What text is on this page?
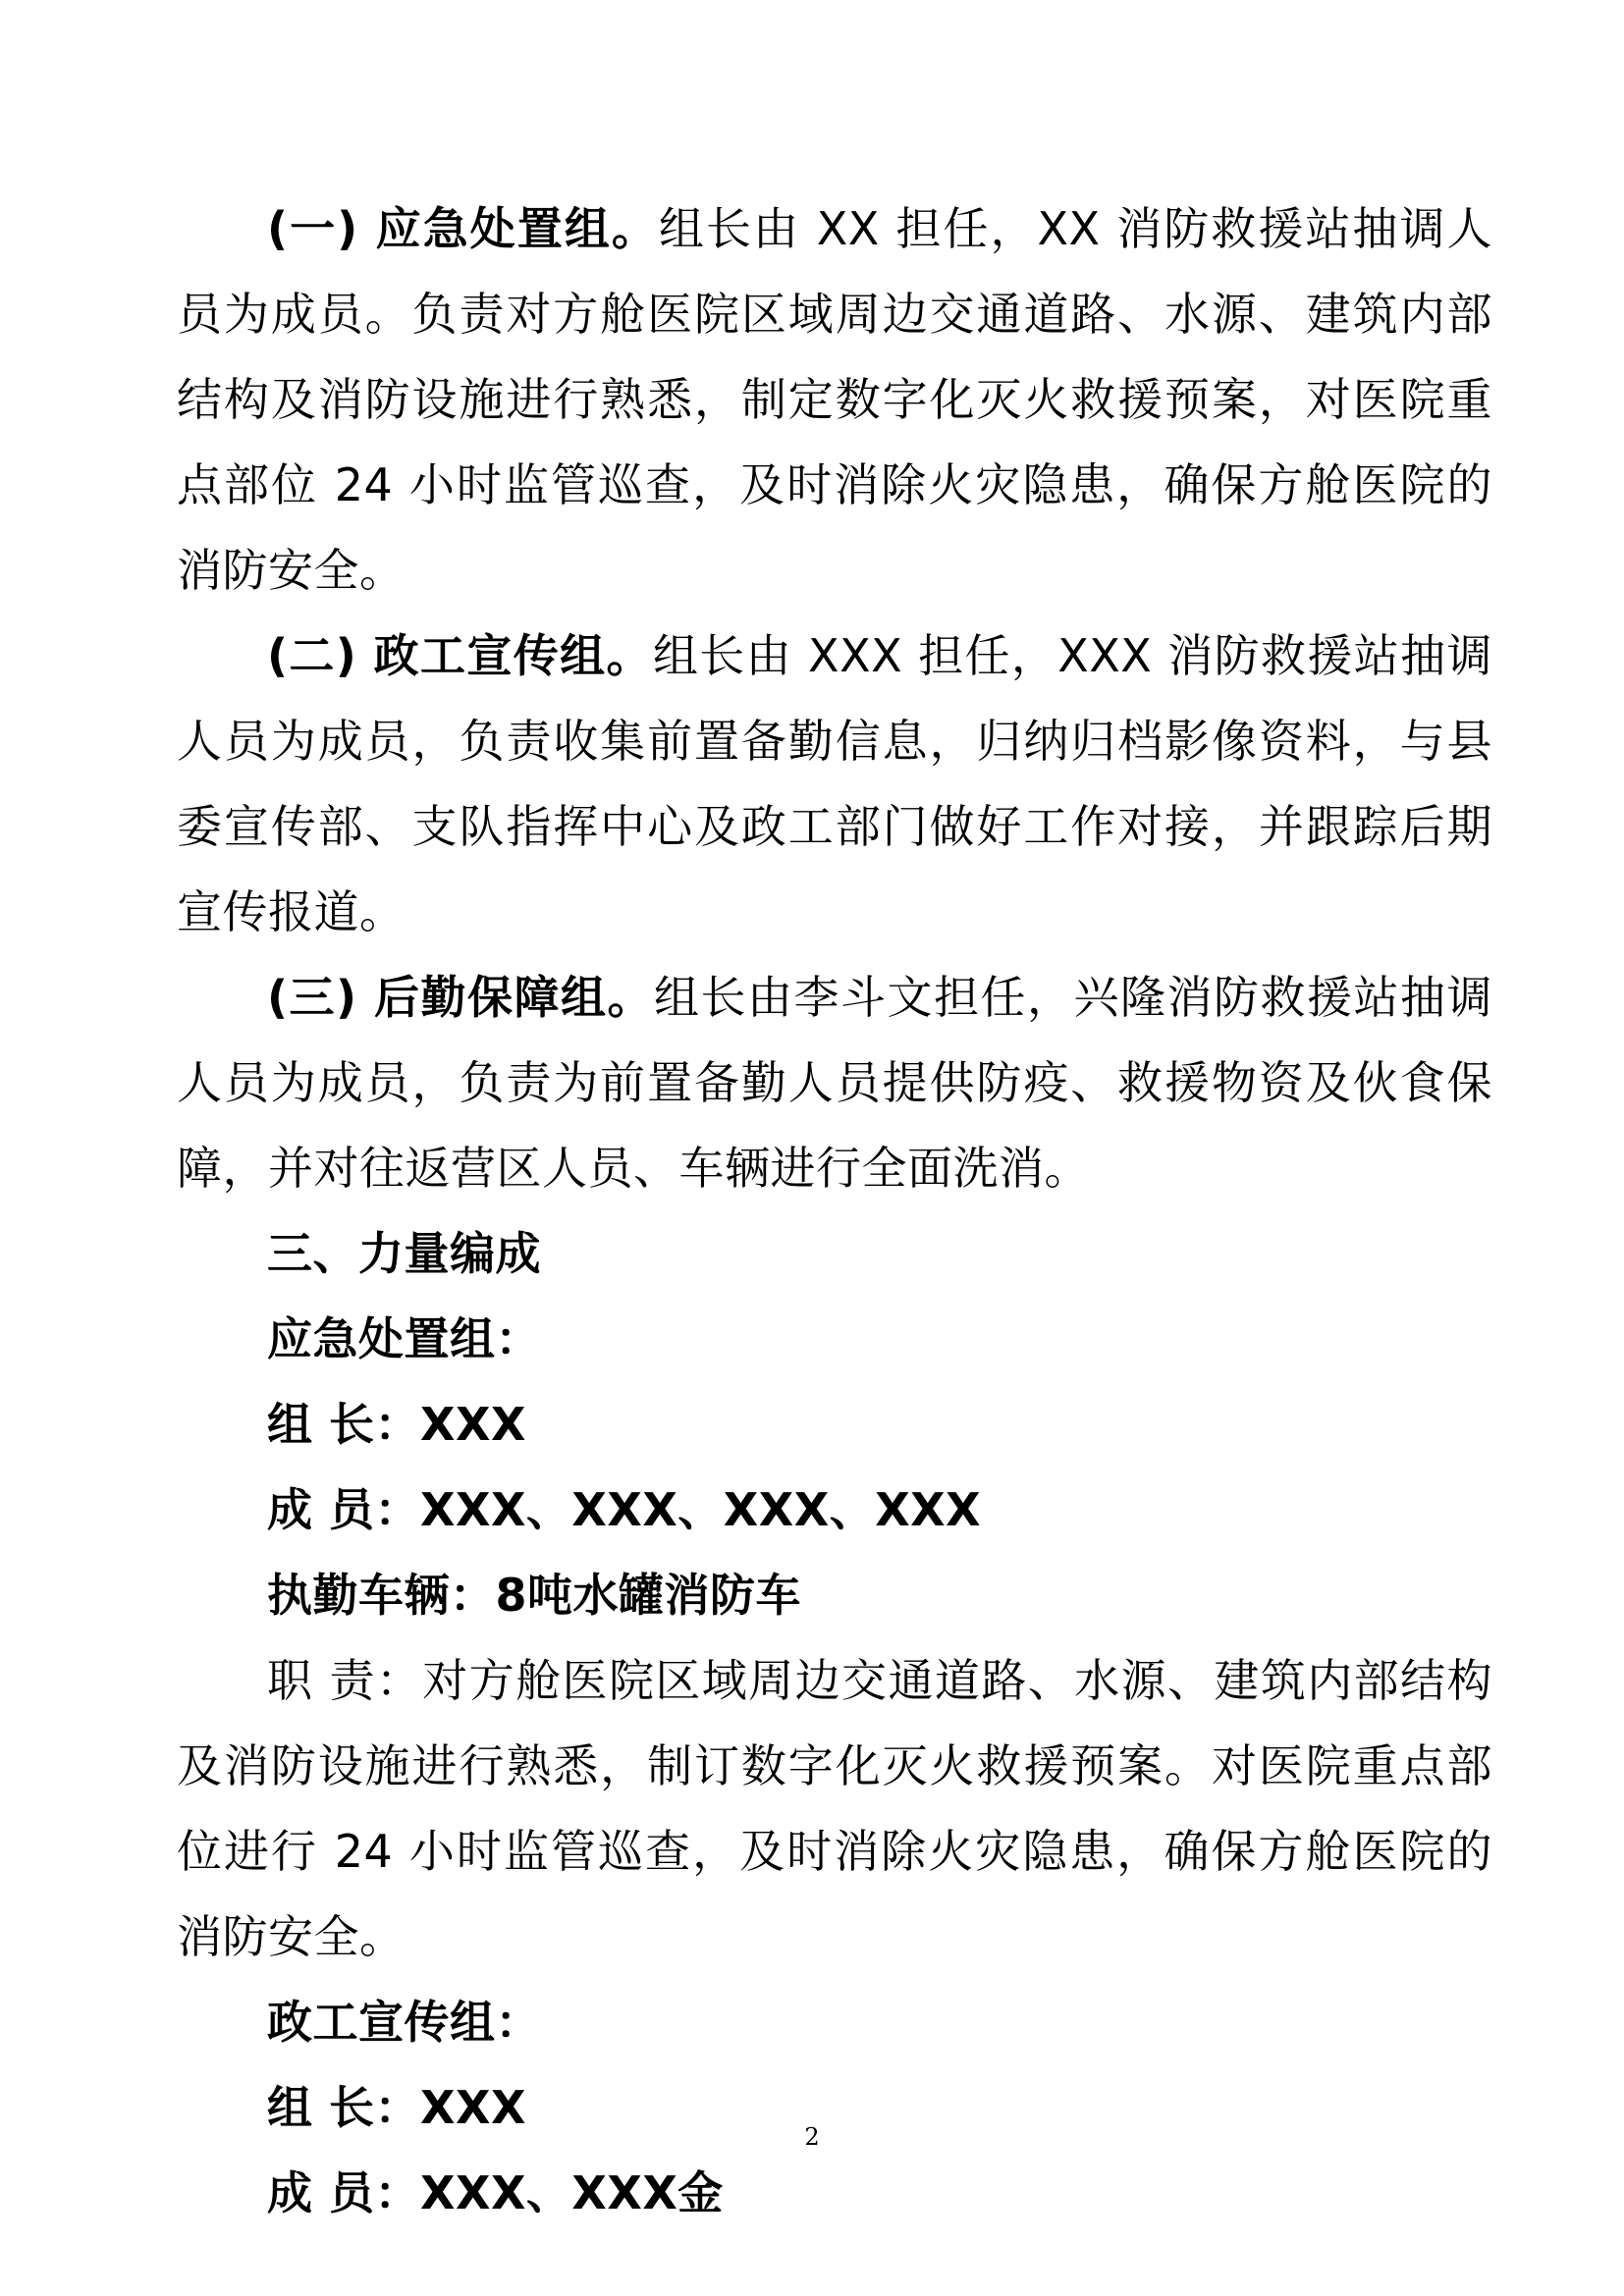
(一) 应急处置组。组长由 XX 担任，XX 消防救援站抽调人员为成员。负责对方舱医院区域周边交通道路、水源、建筑内部结构及消防设施进行熟悉，制定数字化灭火救援预案，对医院重点部位 24 小时监管巡查，及时消除火灾隐患，确保方舱医院的消防安全。

(二) 政工宣传组。组长由 XXX 担任，XXX 消防救援站抽调人员为成员，负责收集前置备勤信息，归纳归档影像资料，与县委宣传部、支队指挥中心及政工部门做好工作对接，并跟踪后期宣传报道。

(三) 后勤保障组。组长由李斗文担任，兴隆消防救援站抽调人员为成员，负责为前置备勤人员提供防疫、救援物资及伙食保障，并对往返营区人员、车辆进行全面洗消。

三、力量编成

应急处置组：

组 长：XXX

成 员：XXX、XXX、XXX、XXX

执勤车辆：8吨水罐消防车

职 责：对方舱医院区域周边交通道路、水源、建筑内部结构及消防设施进行熟悉，制订数字化灭火救援预案。对医院重点部位进行 24 小时监管巡查，及时消除火灾隐患，确保方舱医院的消防安全。

政工宣传组：

组 长：XXX

成 员：XXX、XXX金

2
